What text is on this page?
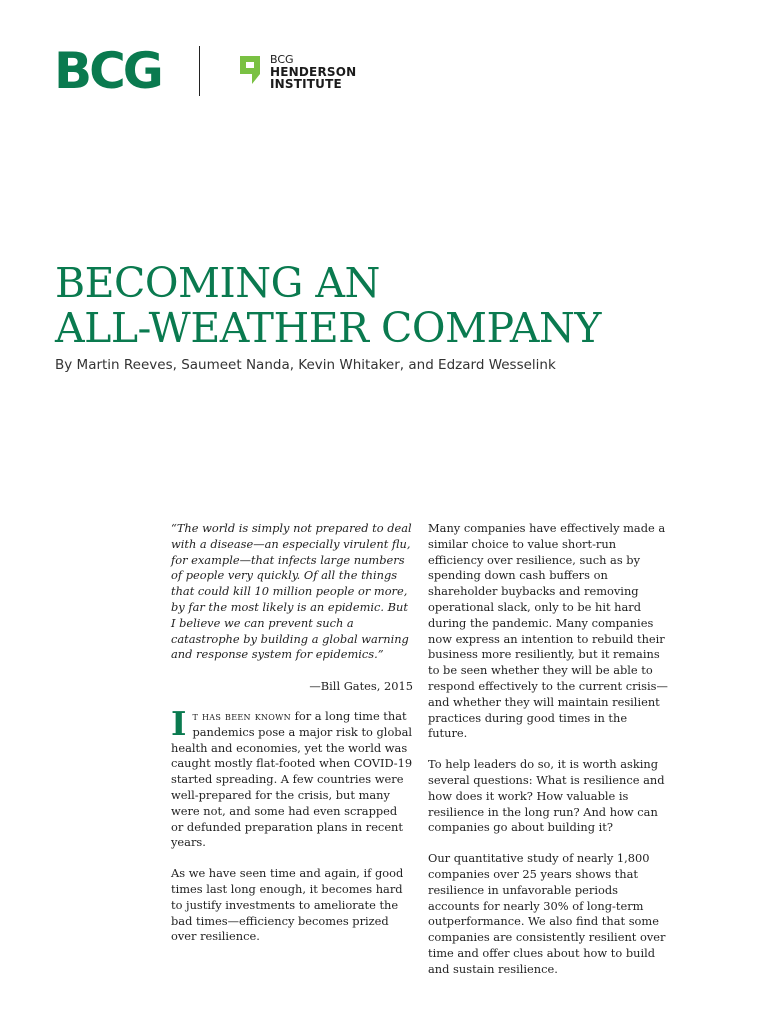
BCG	BCG
HENDERSON
INSTITUTE
BECOMING AN
ALL-WEATHER COMPANY
By Martin Reeves, Saumeet Nanda, Kevin Whitaker, and Edzard Wesselink

“The world is simply not prepared to deal with a disease—an especially virulent flu, for example—that infects large numbers of people very quickly. Of all the things that could kill 10 million people or more, by far the most likely is an epidemic. But I believe we can prevent such a catastrophe by building a global warning and response system for epidemics.”

—Bill Gates, 2015

It has been known for a long time that pandemics pose a major risk to global health and economies, yet the world was caught mostly flat-footed when COVID-19 started spreading. A few countries were well-prepared for the crisis, but many were not, and some had even scrapped or defunded preparation plans in recent years.

As we have seen time and again, if good times last long enough, it becomes hard to justify investments to ameliorate the bad times—efficiency becomes prized over resilience.

Many companies have effectively made a similar choice to value short-run efficiency over resilience, such as by spending down cash buffers on shareholder buybacks and removing operational slack, only to be hit hard during the pandemic. Many companies now express an intention to rebuild their business more resiliently, but it remains to be seen whether they will be able to respond effectively to the current crisis—and whether they will maintain resilient practices during good times in the future.

To help leaders do so, it is worth asking several questions: What is resilience and how does it work? How valuable is resilience in the long run? And how can companies go about building it?

Our quantitative study of nearly 1,800 companies over 25 years shows that resilience in unfavorable periods accounts for nearly 30% of long-term outperformance. We also find that some companies are consistently resilient over time and offer clues about how to build and sustain resilience.
